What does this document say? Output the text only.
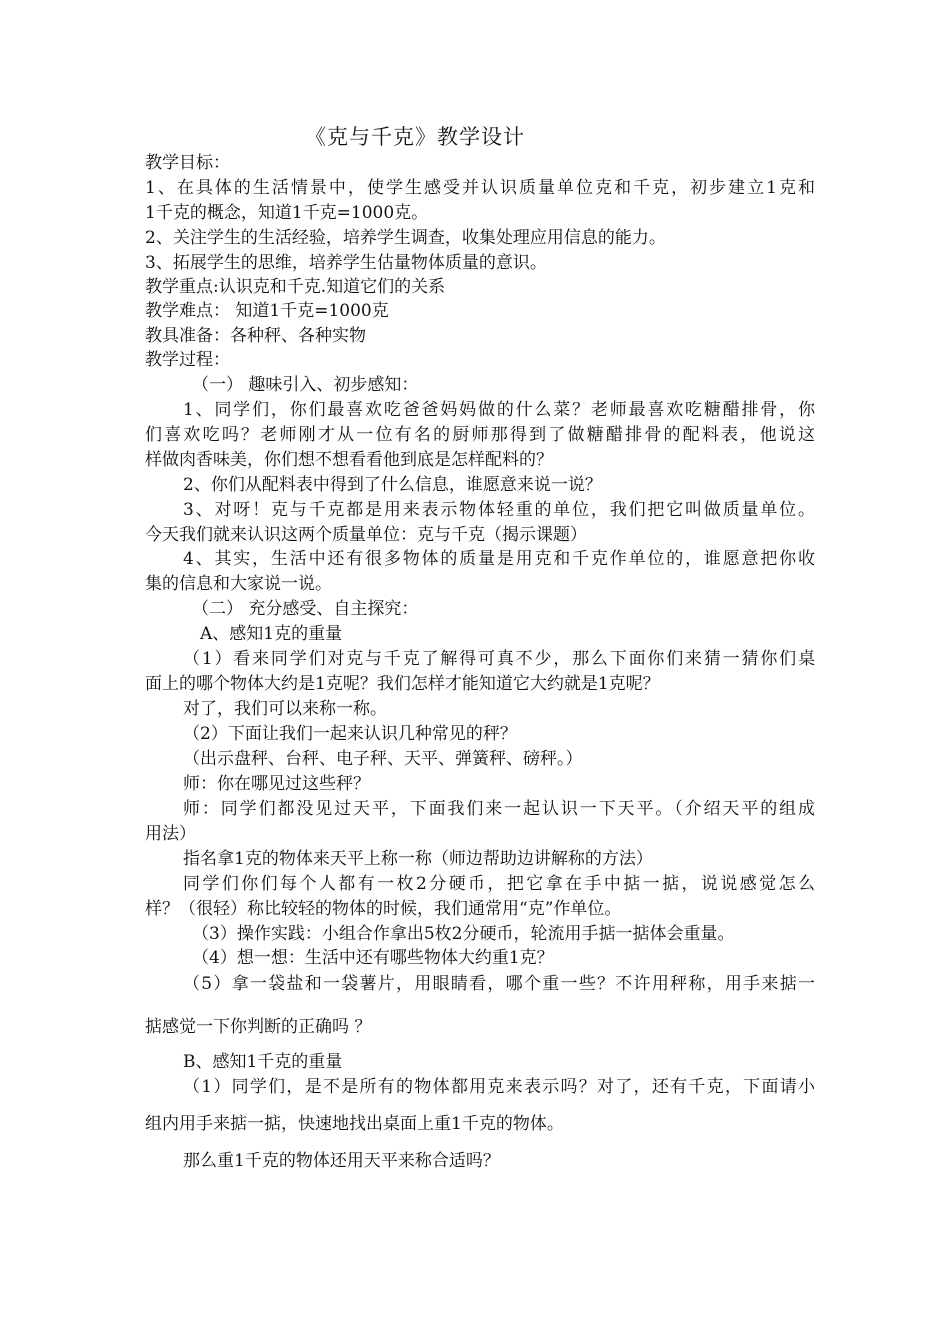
《克与千克》教学设计
教学目标：
1、在具体的生活情景中，使学生感受并认识质量单位克和千克，初步建立1克和
1千克的概念，知道1千克=1000克。
2、关注学生的生活经验，培养学生调查，收集处理应用信息的能力。
3、拓展学生的思维，培养学生估量物体质量的意识。
教学重点:认识克和千克.知道它们的关系
教学难点： 知道1千克=1000克
教具准备：各种秤、各种实物
教学过程：
（一） 趣味引入、初步感知：
1、同学们，你们最喜欢吃爸爸妈妈做的什么菜？老师最喜欢吃糖醋排骨，你
们喜欢吃吗？老师刚才从一位有名的厨师那得到了做糖醋排骨的配料表，他说这
样做肉香味美，你们想不想看看他到底是怎样配料的？
2、你们从配料表中得到了什么信息，谁愿意来说一说？
3、对呀！克与千克都是用来表示物体轻重的单位，我们把它叫做质量单位。
今天我们就来认识这两个质量单位：克与千克（揭示课题）
4、其实，生活中还有很多物体的质量是用克和千克作单位的，谁愿意把你收
集的信息和大家说一说。
（二） 充分感受、自主探究：
A、感知1克的重量
（1）看来同学们对克与千克了解得可真不少，那么下面你们来猜一猜你们桌
面上的哪个物体大约是1克呢？我们怎样才能知道它大约就是1克呢？
对了，我们可以来称一称。
（2）下面让我们一起来认识几种常见的秤？
（出示盘秤、台秤、电子秤、天平、弹簧秤、磅秤。）
师：你在哪见过这些秤？
师：同学们都没见过天平，下面我们来一起认识一下天平。（介绍天平的组成
用法）
指名拿1克的物体来天平上称一称（师边帮助边讲解称的方法）
同学们你们每个人都有一枚2分硬币，把它拿在手中掂一掂，说说感觉怎么
样？（很轻）称比较轻的物体的时候，我们通常用“克”作单位。
（3）操作实践：小组合作拿出5枚2分硬币，轮流用手掂一掂体会重量。
（4）想一想：生活中还有哪些物体大约重1克？
（5）拿一袋盐和一袋薯片，用眼睛看，哪个重一些？不许用秤称，用手来掂一
掂感觉一下你判断的正确吗 ？
B、感知1千克的重量
（1）同学们，是不是所有的物体都用克来表示吗？对了，还有千克，下面请小
组内用手来掂一掂，快速地找出桌面上重1千克的物体。
那么重1千克的物体还用天平来称合适吗？
